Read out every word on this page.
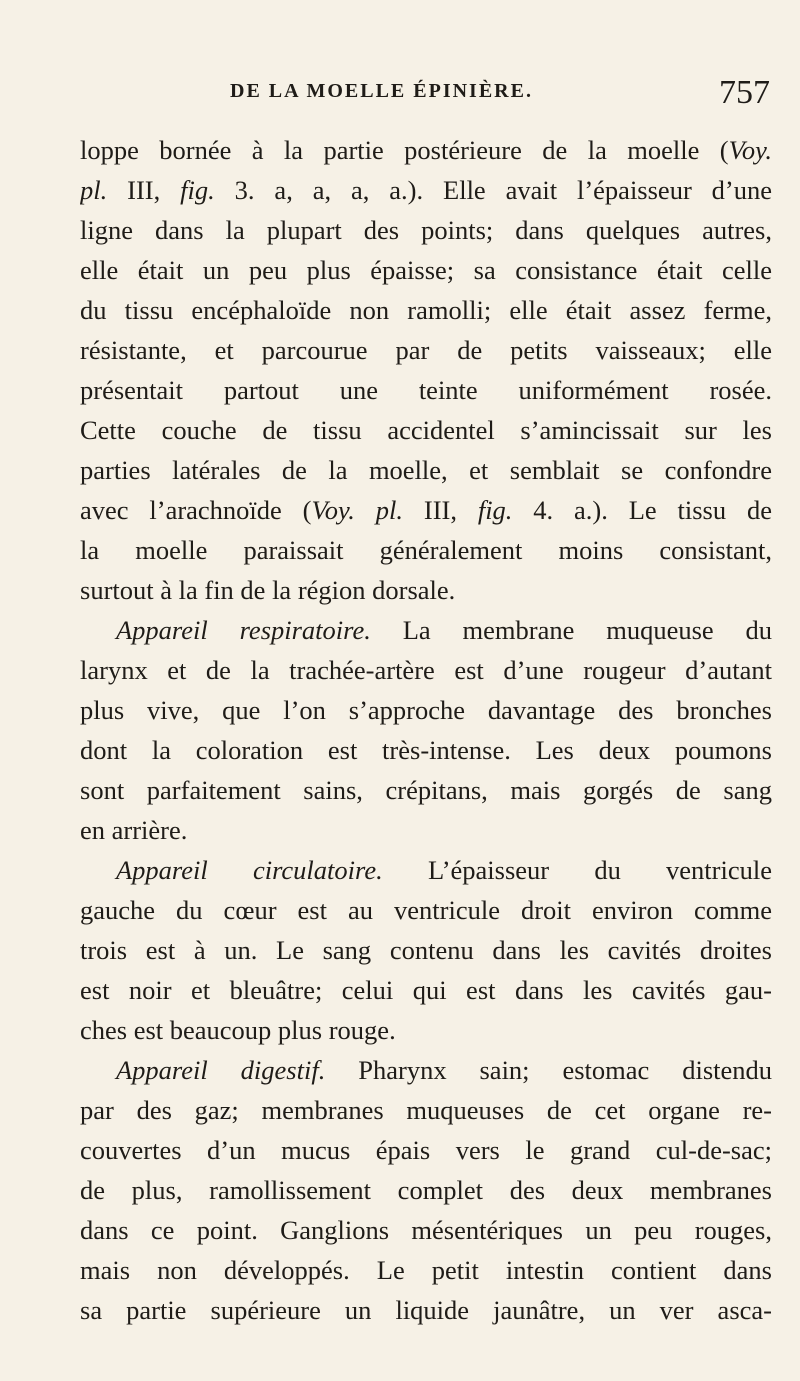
DE LA MOELLE ÉPINIÈRE.	757
loppe bornée à la partie postérieure de la moelle (Voy.
pl. III, fig. 3. a, a, a, a.). Elle avait l’épaisseur d’une
ligne dans la plupart des points; dans quelques autres,
elle était un peu plus épaisse; sa consistance était celle
du tissu encéphaloïde non ramolli; elle était assez ferme,
résistante, et parcourue par de petits vaisseaux; elle
présentait partout une teinte uniformément rosée.
Cette couche de tissu accidentel s’amincissait sur les
parties latérales de la moelle, et semblait se confondre
avec l’arachnoïde (Voy. pl. III, fig. 4. a.). Le tissu de
la moelle paraissait généralement moins consistant,
surtout à la fin de la région dorsale.
Appareil respiratoire. La membrane muqueuse du
larynx et de la trachée-artère est d’une rougeur d’autant
plus vive, que l’on s’approche davantage des bronches
dont la coloration est très-intense. Les deux poumons
sont parfaitement sains, crépitans, mais gorgés de sang
en arrière.
Appareil circulatoire. L’épaisseur du ventricule
gauche du cœur est au ventricule droit environ comme
trois est à un. Le sang contenu dans les cavités droites
est noir et bleuâtre; celui qui est dans les cavités gau-
ches est beaucoup plus rouge.
Appareil digestif. Pharynx sain; estomac distendu
par des gaz; membranes muqueuses de cet organe re-
couvertes d’un mucus épais vers le grand cul-de-sac;
de plus, ramollissement complet des deux membranes
dans ce point. Ganglions mésentériques un peu rouges,
mais non développés. Le petit intestin contient dans
sa partie supérieure un liquide jaunâtre, un ver asca-
